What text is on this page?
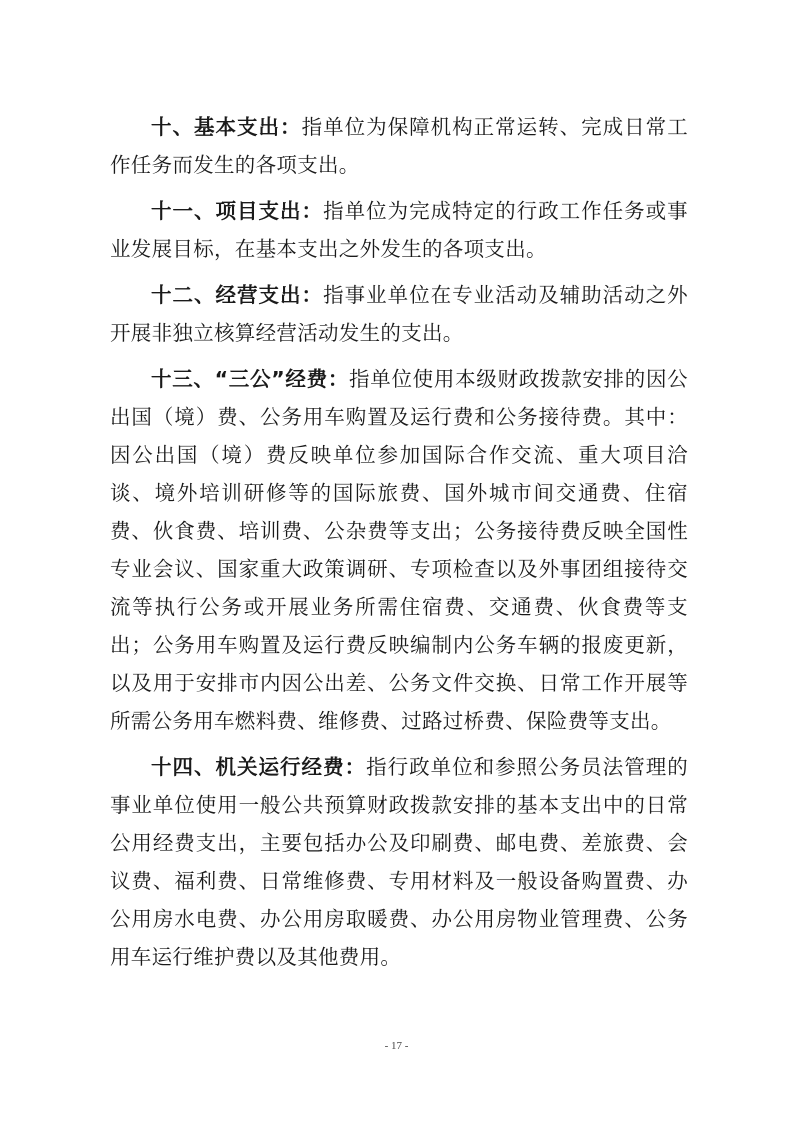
十、基本支出：指单位为保障机构正常运转、完成日常工作任务而发生的各项支出。

十一、项目支出：指单位为完成特定的行政工作任务或事业发展目标，在基本支出之外发生的各项支出。

十二、经营支出：指事业单位在专业活动及辅助活动之外开展非独立核算经营活动发生的支出。

十三、“三公”经费：指单位使用本级财政拨款安排的因公出国（境）费、公务用车购置及运行费和公务接待费。其中：因公出国（境）费反映单位参加国际合作交流、重大项目洽谈、境外培训研修等的国际旅费、国外城市间交通费、住宿费、伙食费、培训费、公杂费等支出；公务接待费反映全国性专业会议、国家重大政策调研、专项检查以及外事团组接待交流等执行公务或开展业务所需住宿费、交通费、伙食费等支出；公务用车购置及运行费反映编制内公务车辆的报废更新，以及用于安排市内因公出差、公务文件交换、日常工作开展等所需公务用车燃料费、维修费、过路过桥费、保险费等支出。

十四、机关运行经费：指行政单位和参照公务员法管理的事业单位使用一般公共预算财政拨款安排的基本支出中的日常公用经费支出，主要包括办公及印刷费、邮电费、差旅费、会议费、福利费、日常维修费、专用材料及一般设备购置费、办公用房水电费、办公用房取暖费、办公用房物业管理费、公务用车运行维护费以及其他费用。

- 17 -
